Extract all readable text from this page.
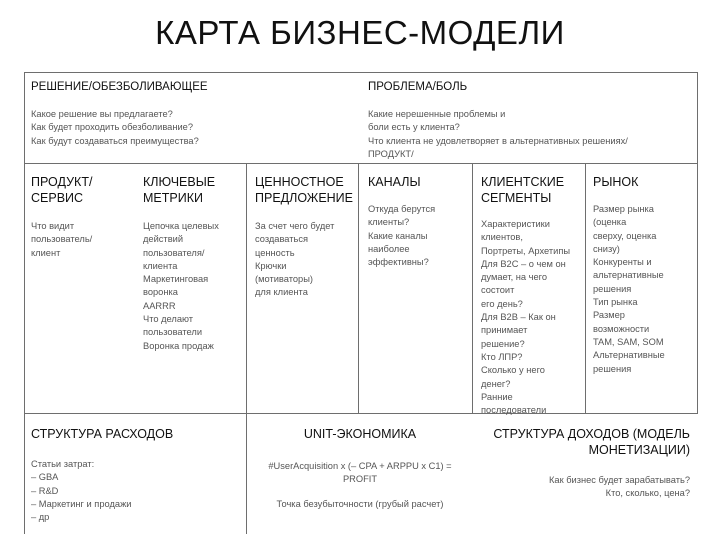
КАРТА БИЗНЕС-МОДЕЛИ
РЕШЕНИЕ/ОБЕЗБОЛИВАЮЩЕЕ
Какое решение вы предлагаете?
Как будет проходить обезболивание?
Как будут создаваться преимущества?
ПРОБЛЕМА/БОЛЬ
Какие нерешенные проблемы и
боли есть у клиента?
Что клиента не удовлетворяет в альтернативных решениях/
ПРОДУКТ/
ПРОДУКТ/
СЕРВИС
Что видит
пользователь/
клиент
КЛЮЧЕВЫЕ
МЕТРИКИ
Цепочка целевых
действий
пользователя/
клиента
Маркетинговая
воронка
AARRR
Что делают
пользователи
Воронка продаж
ЦЕННОСТНОЕ
ПРЕДЛОЖЕНИЕ
За счет чего будет
создаваться
ценность
Крючки
(мотиваторы)
для клиента
КАНАЛЫ
Откуда берутся
клиенты?
Какие каналы
наиболее
эффективны?
КЛИЕНТСКИЕ
СЕГМЕНТЫ
Характеристики
клиентов,
Портреты, Архетипы
Для B2C – о чем он
думает, на чего
состоит
его день?
Для B2B – Как он
принимает
решение?
Кто ЛПР?
Сколько у него
денег?
Ранние
последователи
РЫНОК
Размер рынка
(оценка
сверху, оценка
снизу)
Конкуренты и
альтернативные
решения
Тип рынка
Размер
возможности
TAM, SAM, SOM
Альтернативные
решения
СТРУКТУРА РАСХОДОВ
Статьи затрат:
– GBA
– R&D
– Маркетинг и продажи
– др
UNIT-ЭКОНОМИКА
#UserAcquisition x (– CPA + ARPPU x C1) =
PROFIT
Точка безубыточности (грубый расчет)
СТРУКТУРА ДОХОДОВ (МОДЕЛЬ
МОНЕТИЗАЦИИ)
Как бизнес будет зарабатывать?
Кто, сколько, цена?
